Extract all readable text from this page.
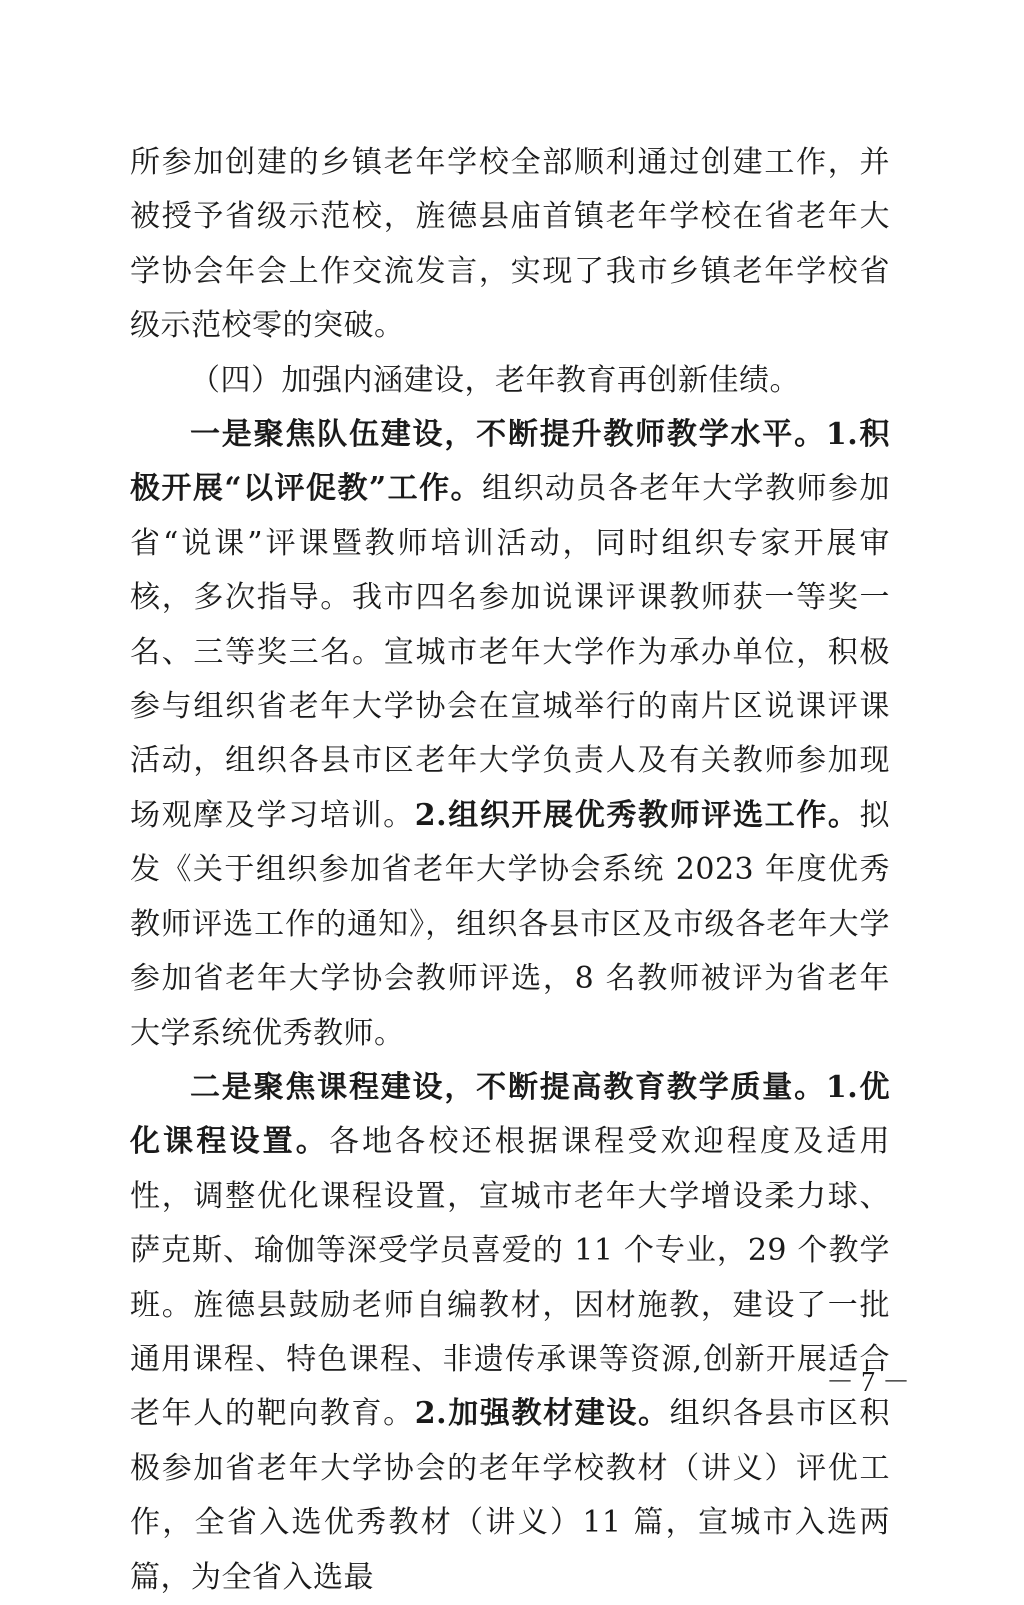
所参加创建的乡镇老年学校全部顺利通过创建工作，并被授予省级示范校，旌德县庙首镇老年学校在省老年大学协会年会上作交流发言，实现了我市乡镇老年学校省级示范校零的突破。

（四）加强内涵建设，老年教育再创新佳绩。

一是聚焦队伍建设，不断提升教师教学水平。1.积极开展“以评促教”工作。组织动员各老年大学教师参加省“说课”评课暨教师培训活动，同时组织专家开展审核，多次指导。我市四名参加说课评课教师获一等奖一名、三等奖三名。宣城市老年大学作为承办单位，积极参与组织省老年大学协会在宣城举行的南片区说课评课活动，组织各县市区老年大学负责人及有关教师参加现场观摩及学习培训。2.组织开展优秀教师评选工作。拟发《关于组织参加省老年大学协会系统 2023 年度优秀教师评选工作的通知》，组织各县市区及市级各老年大学参加省老年大学协会教师评选，8 名教师被评为省老年大学系统优秀教师。

二是聚焦课程建设，不断提高教育教学质量。1.优化课程设置。各地各校还根据课程受欢迎程度及适用性，调整优化课程设置，宣城市老年大学增设柔力球、萨克斯、瑜伽等深受学员喜爱的 11 个专业，29 个教学班。旌德县鼓励老师自编教材，因材施教，建设了一批通用课程、特色课程、非遗传承课等资源,创新开展适合老年人的靶向教育。2.加强教材建设。组织各县市区积极参加省老年大学协会的老年学校教材（讲义）评优工作，全省入选优秀教材（讲义）11 篇，宣城市入选两篇，为全省入选最

－ 7 －
